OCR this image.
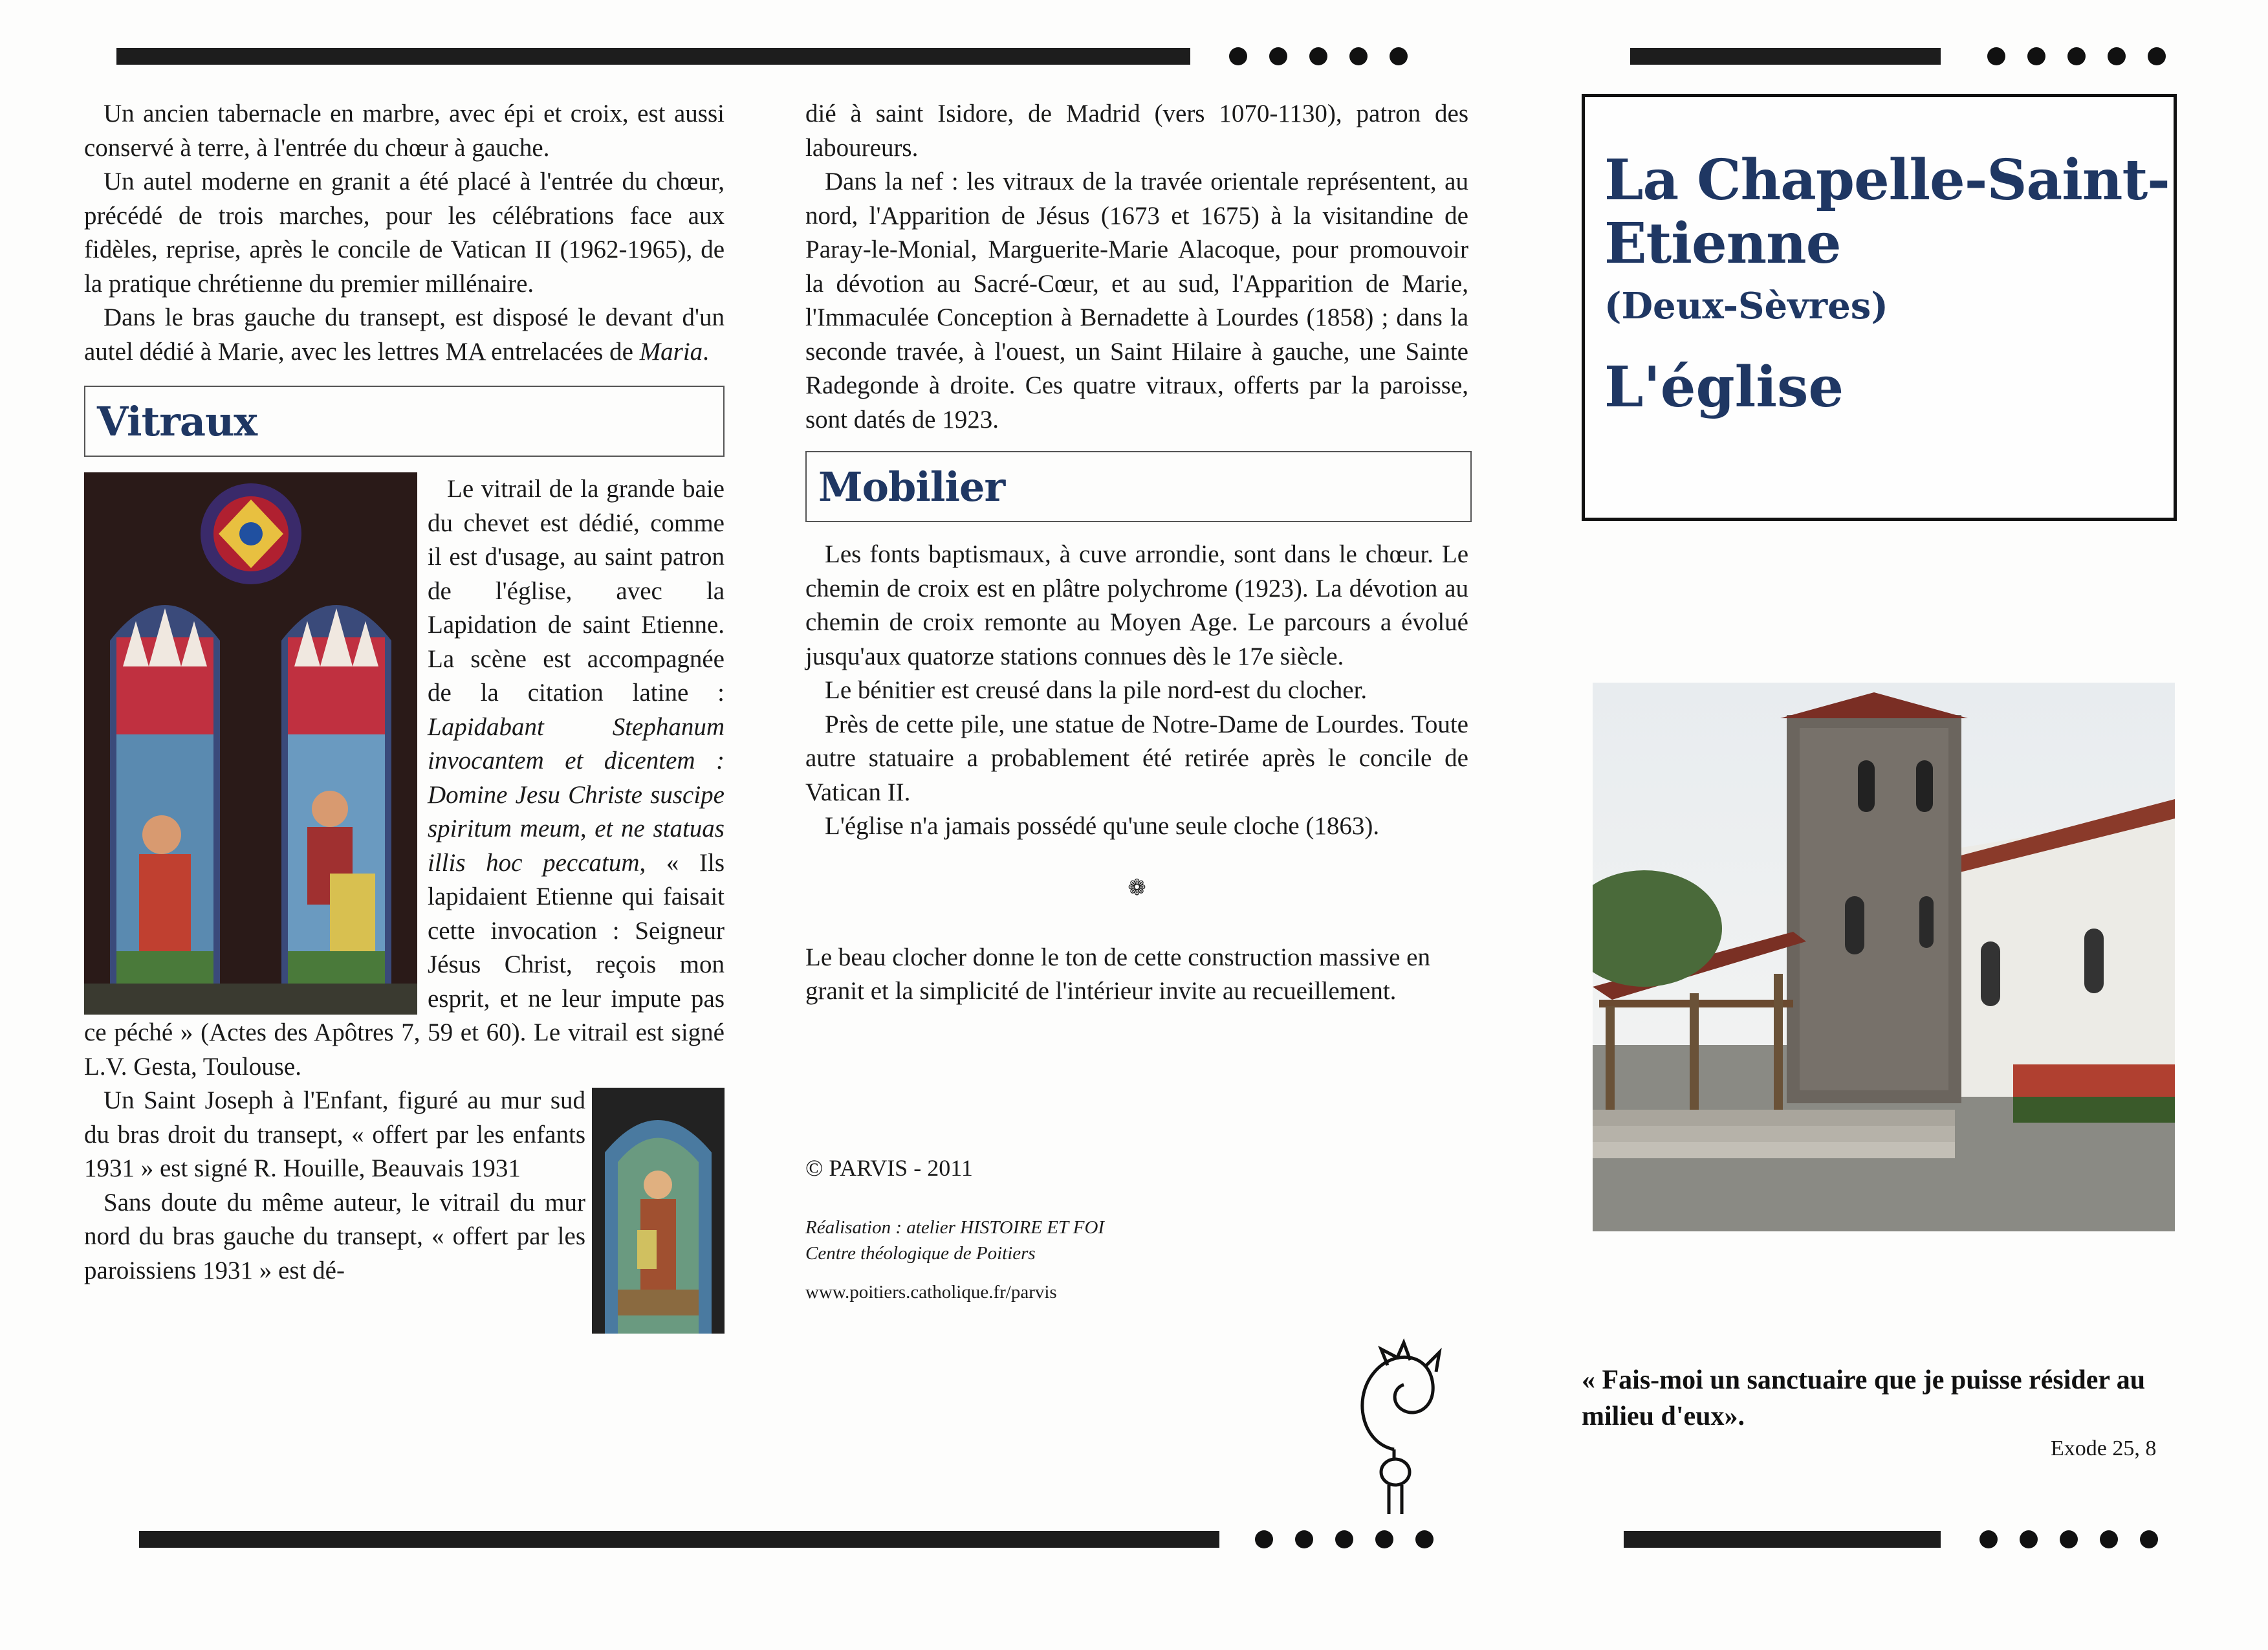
Un ancien tabernacle en marbre, avec épi et croix, est aussi conservé à terre, à l'entrée du chœur à gauche.

Un autel moderne en granit a été placé à l'entrée du chœur, précédé de trois marches, pour les célébrations face aux fidèles, reprise, après le concile de Vatican II (1962-1965), de la pratique chrétienne du premier millénaire.

Dans le bras gauche du transept, est disposé le devant d'un autel dédié à Marie, avec les lettres MA entrelacées de Maria.

Vitraux

Le vitrail de la grande baie du chevet est dédié, comme il est d'usage, au saint patron de l'église, avec la Lapidation de saint Etienne. La scène est accompagnée de la citation latine : Lapidabant Stephanum invocantem et dicentem : Domine Jesu Christe suscipe spiritum meum, et ne statuas illis hoc peccatum, « Ils lapidaient Etienne qui faisait cette invocation : Seigneur Jésus Christ, reçois mon esprit, et ne leur impute pas ce péché » (Actes des Apôtres 7, 59 et 60). Le vitrail est signé L.V. Gesta, Toulouse.

Un Saint Joseph à l'Enfant, figuré au mur sud du bras droit du transept, « offert par les enfants 1931 » est signé R. Houille, Beauvais 1931

Sans doute du même auteur, le vitrail du mur nord du bras gauche du transept, « offert par les paroissiens 1931 » est dé-

dié à saint Isidore, de Madrid (vers 1070-1130), patron des laboureurs.

Dans la nef : les vitraux de la travée orientale représentent, au nord, l'Apparition de Jésus (1673 et 1675) à la visitandine de Paray-le-Monial, Marguerite-Marie Alacoque, pour promouvoir la dévotion au Sacré-Cœur, et au sud, l'Apparition de Marie, l'Immaculée Conception à Bernadette à Lourdes (1858) ; dans la seconde travée, à l'ouest, un Saint Hilaire à gauche, une Sainte Radegonde à droite. Ces quatre vitraux, offerts par la paroisse, sont datés de 1923.

Mobilier

Les fonts baptismaux, à cuve arrondie, sont dans le chœur. Le chemin de croix est en plâtre polychrome (1923). La dévotion au chemin de croix remonte au Moyen Age. Le parcours a évolué jusqu'aux quatorze stations connues dès le 17e siècle.

Le bénitier est creusé dans la pile nord-est du clocher.

Près de cette pile, une statue de Notre-Dame de Lourdes. Toute autre statuaire a probablement été retirée après le concile de Vatican II.

L'église n'a jamais possédé qu'une seule cloche (1863).

❁

Le beau clocher donne le ton de cette construction massive en granit et la simplicité de l'intérieur invite au recueillement.

© PARVIS - 2011

Réalisation : atelier HISTOIRE ET FOI
Centre théologique de Poitiers
www.poitiers.catholique.fr/parvis
La Chapelle-Saint-
Etienne
(Deux-Sèvres)
L'église
« Fais-moi un sanctuaire que je puisse résider au milieu d'eux».
Exode 25, 8
